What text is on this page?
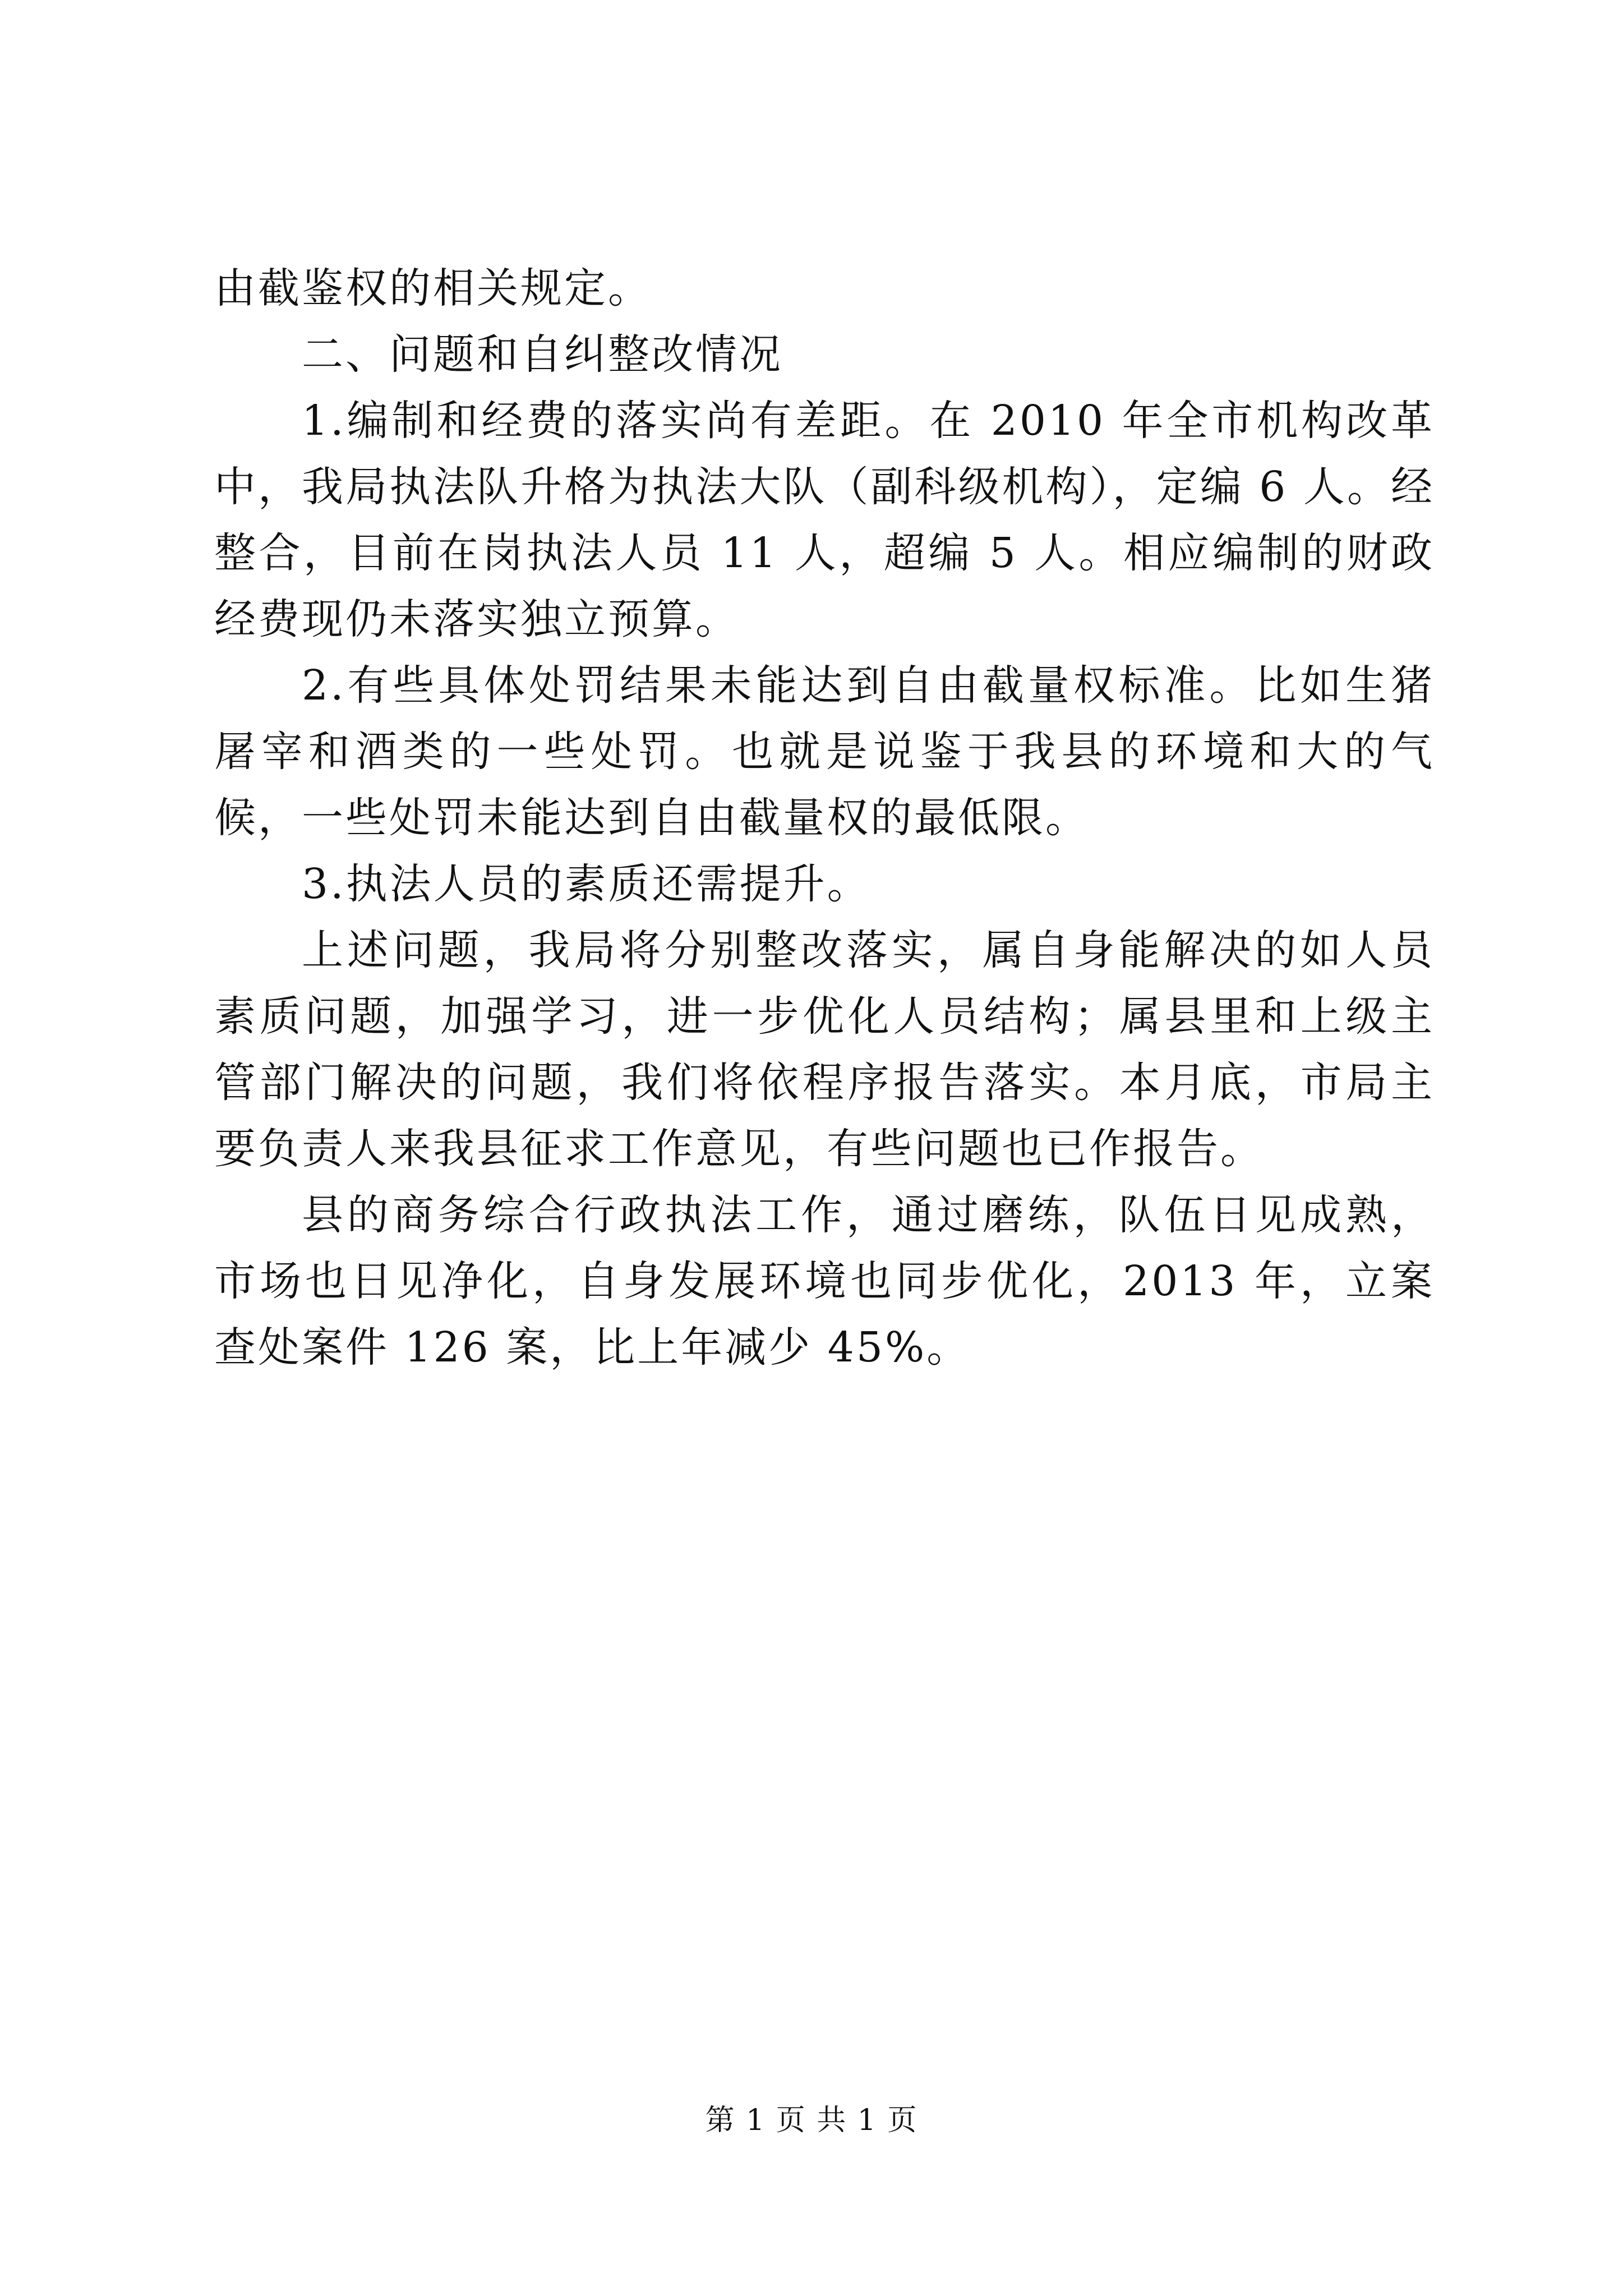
由截鉴权的相关规定。

二、问题和自纠整改情况

1.编制和经费的落实尚有差距。在 2010 年全市机构改革中，我局执法队升格为执法大队（副科级机构），定编 6 人。经整合，目前在岗执法人员 11 人，超编 5 人。相应编制的财政经费现仍未落实独立预算。

2.有些具体处罚结果未能达到自由截量权标准。比如生猪屠宰和酒类的一些处罚。也就是说鉴于我县的环境和大的气候，一些处罚未能达到自由截量权的最低限。

3.执法人员的素质还需提升。

上述问题，我局将分别整改落实，属自身能解决的如人员素质问题，加强学习，进一步优化人员结构；属县里和上级主管部门解决的问题，我们将依程序报告落实。本月底，市局主要负责人来我县征求工作意见，有些问题也已作报告。

县的商务综合行政执法工作，通过磨练，队伍日见成熟，市场也日见净化，自身发展环境也同步优化，2013 年，立案查处案件 126 案，比上年减少 45%。

第 1 页 共 1 页
